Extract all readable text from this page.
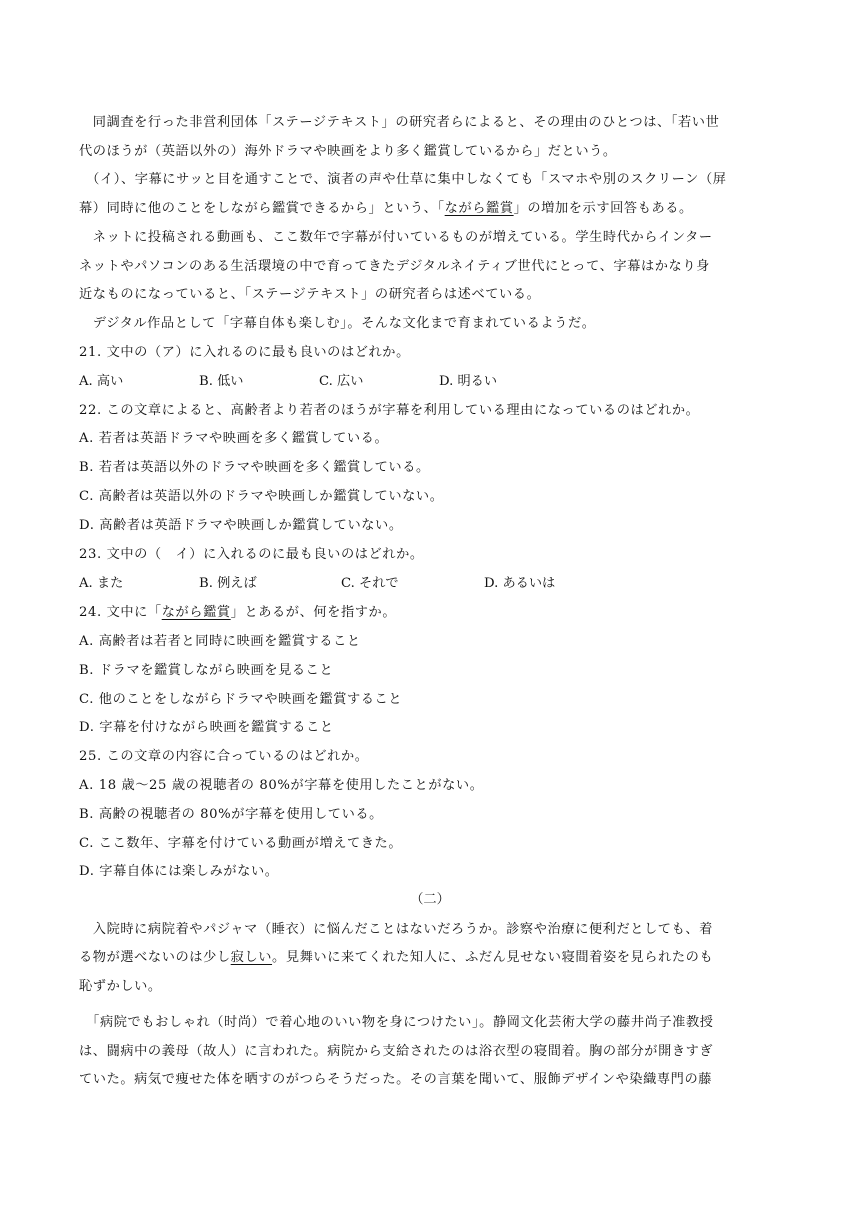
　同調査を行った非営利団体「ステージテキスト」の研究者らによると、その理由のひとつは、「若い世
代のほうが（英語以外の）海外ドラマや映画をより多く鑑賞しているから」だという。
　（イ）、字幕にサッと目を通すことで、演者の声や仕草に集中しなくても「スマホや別のスクリーン（屏
幕）同時に他のことをしながら鑑賞できるから」という、「ながら鑑賞」の増加を示す回答もある。
　ネットに投稿される動画も、ここ数年で字幕が付いているものが増えている。学生時代からインター
ネットやパソコンのある生活環境の中で育ってきたデジタルネイティブ世代にとって、字幕はかなり身
近なものになっていると、「ステージテキスト」の研究者らは述べている。
　デジタル作品として「字幕自体も楽しむ」。そんな文化まで育まれているようだ。
21. 文中の（ア）に入れるのに最も良いのはどれか。
A. 高い	B. 低い	C. 広い	D. 明るい
22. この文章によると、高齢者より若者のほうが字幕を利用している理由になっているのはどれか。
A. 若者は英語ドラマや映画を多く鑑賞している。
B. 若者は英語以外のドラマや映画を多く鑑賞している。
C. 高齢者は英語以外のドラマや映画しか鑑賞していない。
D. 高齢者は英語ドラマや映画しか鑑賞していない。
23. 文中の（　イ）に入れるのに最も良いのはどれか。
A. また	B. 例えば	C. それで	D. あるいは
24. 文中に「ながら鑑賞」とあるが、何を指すか。
A. 高齢者は若者と同時に映画を鑑賞すること
B. ドラマを鑑賞しながら映画を見ること
C. 他のことをしながらドラマや映画を鑑賞すること
D. 字幕を付けながら映画を鑑賞すること
25. この文章の内容に合っているのはどれか。
A. 18 歳～25 歳の視聴者の 80%が字幕を使用したことがない。
B. 高齢の視聴者の 80%が字幕を使用している。
C. ここ数年、字幕を付けている動画が増えてきた。
D. 字幕自体には楽しみがない。
（二）
　入院時に病院着やパジャマ（睡衣）に悩んだことはないだろうか。診察や治療に便利だとしても、着
る物が選べないのは少し寂しい。見舞いに来てくれた知人に、ふだん見せない寝間着姿を見られたのも
恥ずかしい。
　「病院でもおしゃれ（时尚）で着心地のいい物を身につけたい」。静岡文化芸術大学の藤井尚子准教授
は、闘病中の義母（故人）に言われた。病院から支給されたのは浴衣型の寝間着。胸の部分が開きすぎ
ていた。病気で痩せた体を晒すのがつらそうだった。その言葉を聞いて、服飾デザインや染織専門の藤
